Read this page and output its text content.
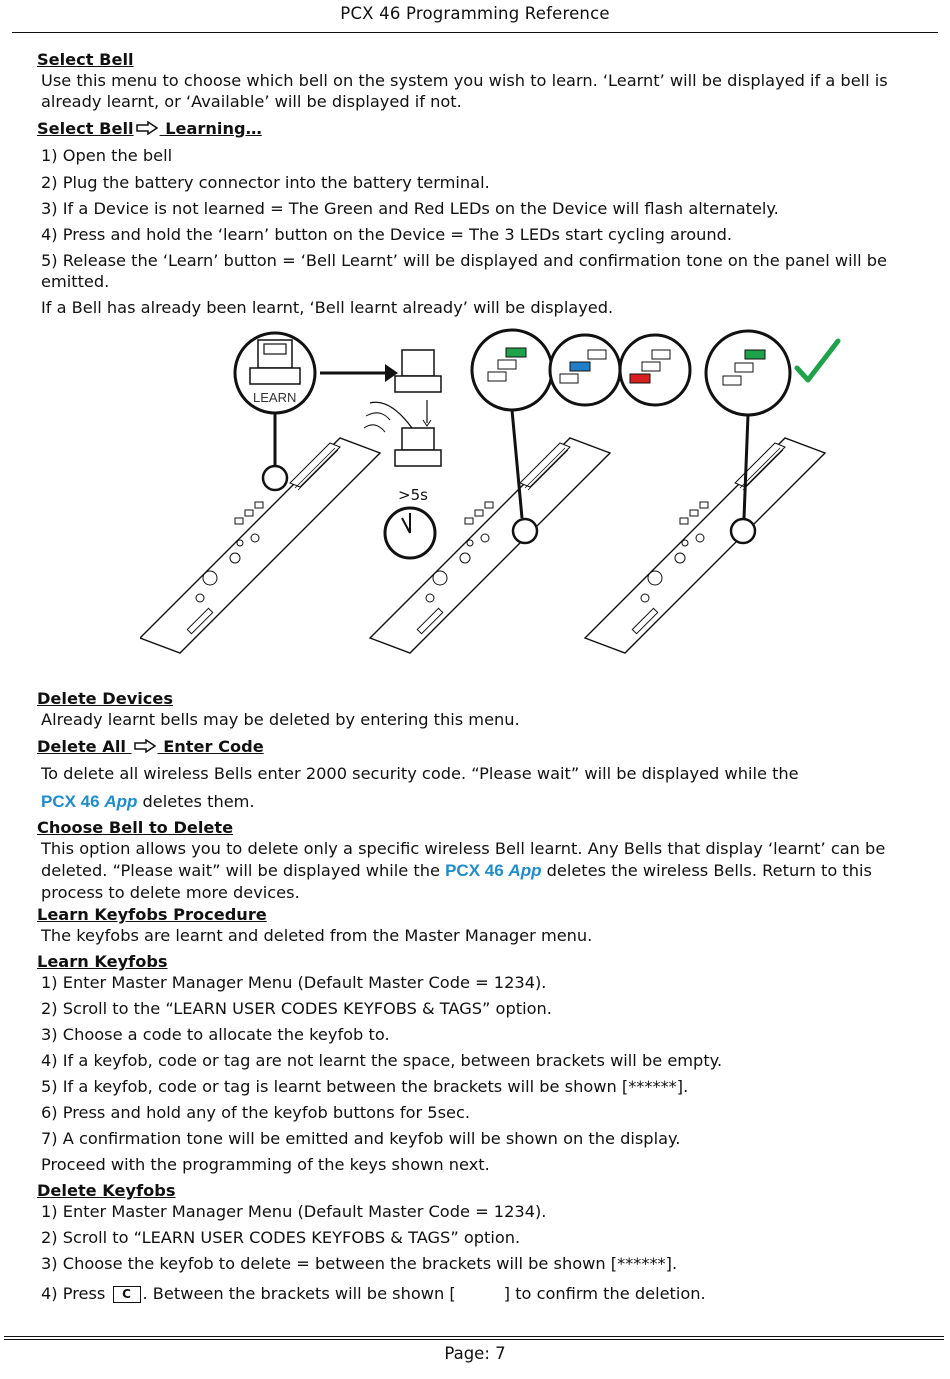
PCX 46 Programming Reference
Select Bell
Use this menu to choose which bell on the system you wish to learn. ‘Learnt’ will be displayed if a bell is already learnt, or ‘Available’ will be displayed if not.
Select Bell Learning…
1) Open the bell
2) Plug the battery connector into the battery terminal.
3) If a Device is not learned = The Green and Red LEDs on the Device will flash alternately.
4) Press and hold the ‘learn’ button on the Device = The 3 LEDs start cycling around.
5) Release the ‘Learn’ button = ‘Bell Learnt’ will be displayed and confirmation tone on the panel will be emitted.
If a Bell has already been learnt, ‘Bell learnt already’ will be displayed.
Delete Devices
Already learnt bells may be deleted by entering this menu.
Delete All  Enter Code
To delete all wireless Bells enter 2000 security code. “Please wait” will be displayed while the
PCX 46 App deletes them.
Choose Bell to Delete
This option allows you to delete only a specific wireless Bell learnt. Any Bells that display ‘learnt’ can be deleted. “Please wait” will be displayed while the PCX 46 App deletes the wireless Bells. Return to this process to delete more devices.
Learn Keyfobs Procedure
The keyfobs are learnt and deleted from the Master Manager menu.
Learn Keyfobs
1) Enter Master Manager Menu (Default Master Code = 1234).
2) Scroll to the “LEARN USER CODES KEYFOBS & TAGS” option.
3) Choose a code to allocate the keyfob to.
4) If a keyfob, code or tag are not learnt the space, between brackets will be empty.
5) If a keyfob, code or tag is learnt between the brackets will be shown [******].
6) Press and hold any of the keyfob buttons for 5sec.
7) A confirmation tone will be emitted and keyfob will be shown on the display.
Proceed with the programming of the keys shown next.
Delete Keyfobs
1) Enter Master Manager Menu (Default Master Code = 1234).
2) Scroll to “LEARN USER CODES KEYFOBS & TAGS” option.
3) Choose the keyfob to delete = between the brackets will be shown [******].
4) Press C . Between the brackets will be shown [	] to confirm the deletion.
LEARN
>5s
Page: 7
